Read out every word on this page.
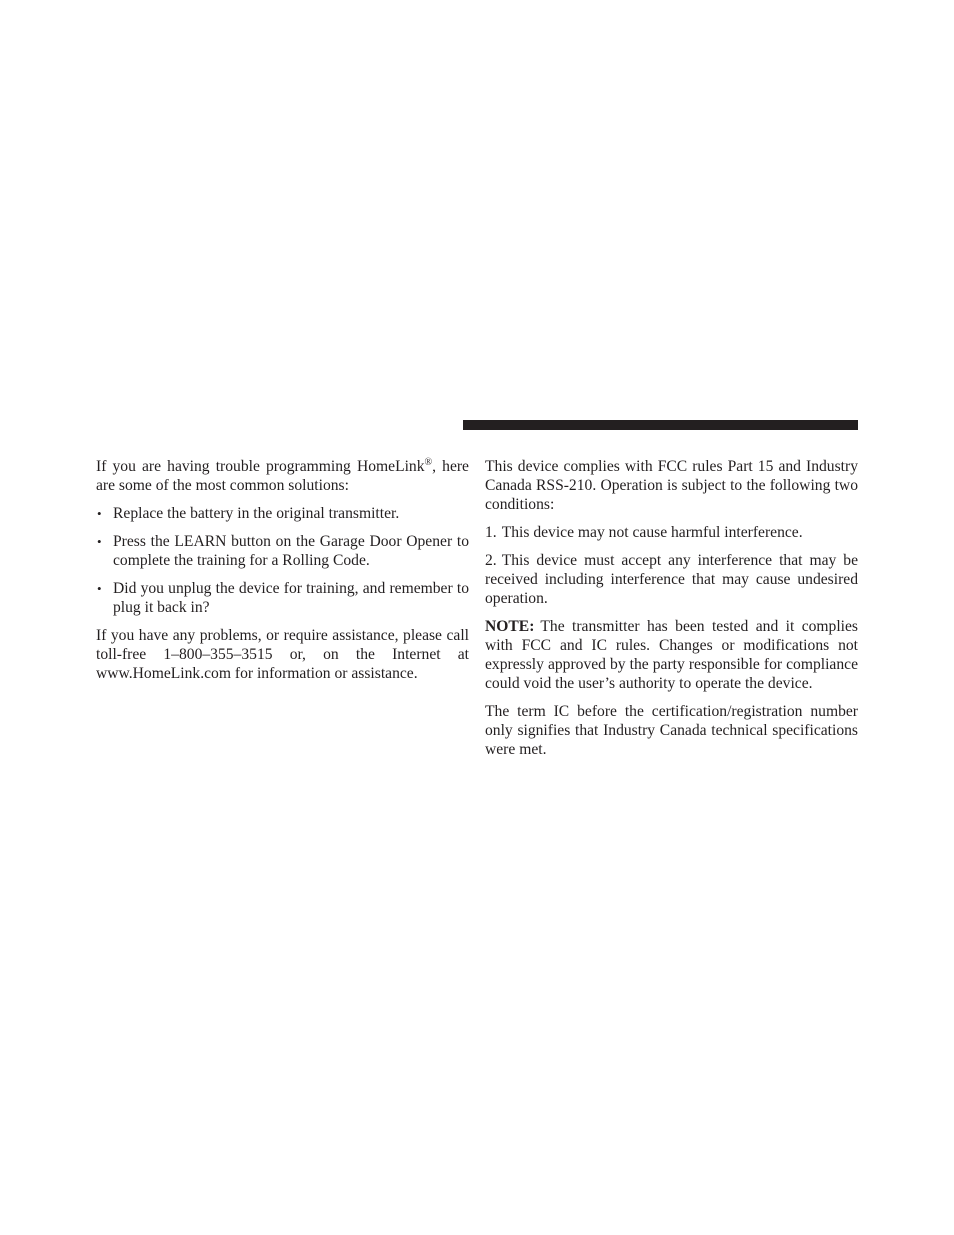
If you are having trouble programming HomeLink®, here are some of the most common solutions:

• Replace the battery in the original transmitter.
• Press the LEARN button on the Garage Door Opener to complete the training for a Rolling Code.
• Did you unplug the device for training, and remember to plug it back in?

If you have any problems, or require assistance, please call toll-free 1–800–355–3515 or, on the Internet at www.HomeLink.com for information or assistance.

This device complies with FCC rules Part 15 and Industry Canada RSS-210. Operation is subject to the following two conditions:

1. This device may not cause harmful interference.

2. This device must accept any interference that may be received including interference that may cause undesired operation.

NOTE: The transmitter has been tested and it complies with FCC and IC rules. Changes or modifications not expressly approved by the party responsible for compliance could void the user’s authority to operate the device.

The term IC before the certification/registration number only signifies that Industry Canada technical specifications were met.
